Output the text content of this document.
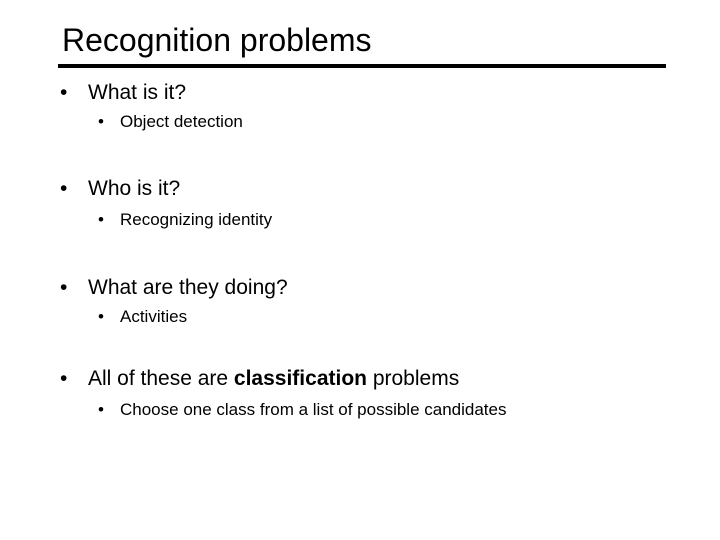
Recognition problems
• What is it?
• Object detection
• Who is it?
• Recognizing identity
• What are they doing?
• Activities
• All of these are classification problems
• Choose one class from a list of possible candidates
